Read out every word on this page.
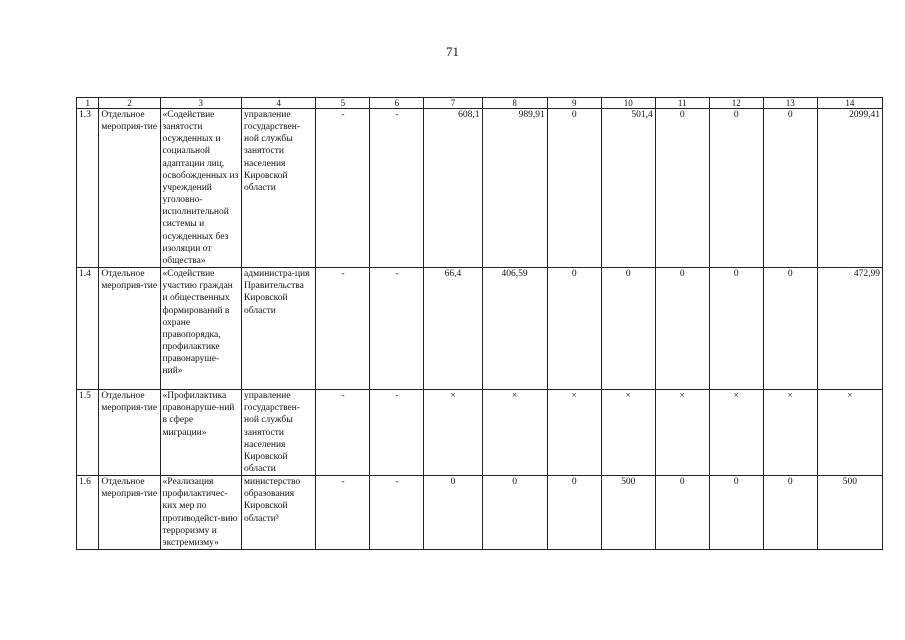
71
1	2	3	4	5	6	7	8	9	10	11	12	13	14
1.3	Отдельное мероприя-тие	«Содействие занятости осужденных и социальной адаптации лиц, освобожденных из учреждений уголовно-исполнительной системы и осужденных без изоляции от общества»	управление государствен-ной службы занятости населения Кировской области	-	-	608,1	989,91	0	501,4	0	0	0	2099,41
1.4	Отдельное мероприя-тие	«Содействие участию граждан и общественных формирований в охране правопорядка, профилактике правонаруше-ний»	администра-ция Правительства Кировской области	-	-	66,4	406,59	0	0	0	0	0	472,99
1.5	Отдельное мероприя-тие	«Профилактика правонаруше-ний в сфере миграции»	управление государствен-ной службы занятости населения Кировской области	-	-	×	×	×	×	×	×	×	×
1.6	Отдельное мероприя-тие	«Реализация профилактичес-ких мер по противодейст-вию терроризму и экстремизму»	министерство образования Кировской области³	-	-	0	0	0	500	0	0	0	500
